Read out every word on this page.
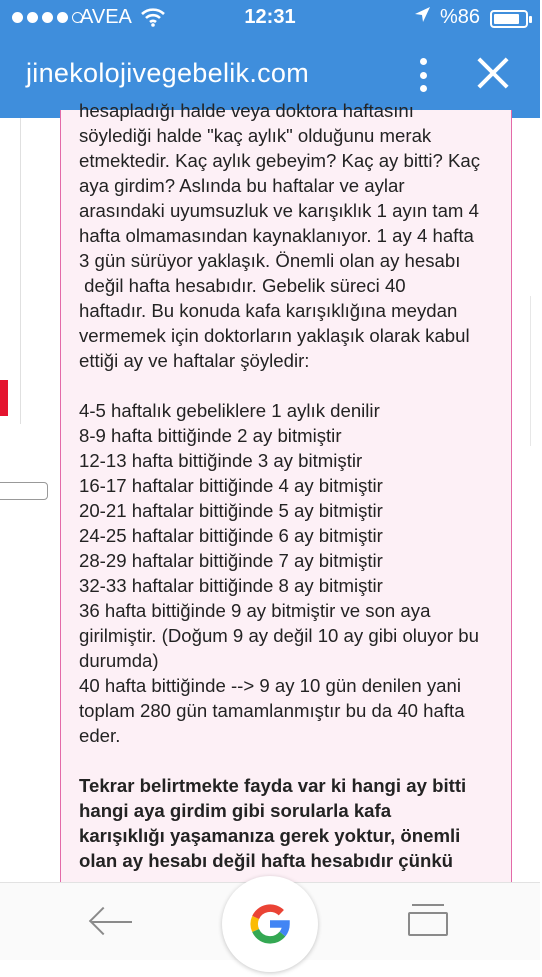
AVEA	12:31	%86
jinekolojivegebelik.com

hesapladığı halde veya doktora haftasını

söylediği halde "kaç aylık" olduğunu merak

etmektedir. Kaç aylık gebeyim? Kaç ay bitti? Kaç

aya girdim? Aslında bu haftalar ve aylar

arasındaki uyumsuzluk ve karışıklık 1 ayın tam 4

hafta olmamasından kaynaklanıyor. 1 ay 4 hafta

3 gün sürüyor yaklaşık. Önemli olan ay hesabı

değil hafta hesabıdır. Gebelik süreci 40

haftadır. Bu konuda kafa karışıklığına meydan

vermemek için doktorların yaklaşık olarak kabul

ettiği ay ve haftalar şöyledir:

4-5 haftalık gebeliklere 1 aylık denilir

8-9 hafta bittiğinde 2 ay bitmiştir

12-13 hafta bittiğinde 3 ay bitmiştir

16-17 haftalar bittiğinde 4 ay bitmiştir

20-21 haftalar bittiğinde 5 ay bitmiştir

24-25 haftalar bittiğinde 6 ay bitmiştir

28-29 haftalar bittiğinde 7 ay bitmiştir

32-33 haftalar bittiğinde 8 ay bitmiştir

36 hafta bittiğinde 9 ay bitmiştir ve son aya

girilmiştir. (Doğum 9 ay değil 10 ay gibi oluyor bu

durumda)

40 hafta bittiğinde --> 9 ay 10 gün denilen yani

toplam 280 gün tamamlanmıştır bu da 40 hafta

eder.

Tekrar belirtmekte fayda var ki hangi ay bitti

hangi aya girdim gibi sorularla kafa

karışıklığı yaşamanıza gerek yoktur, önemli

olan ay hesabı değil hafta hesabıdır çünkü
